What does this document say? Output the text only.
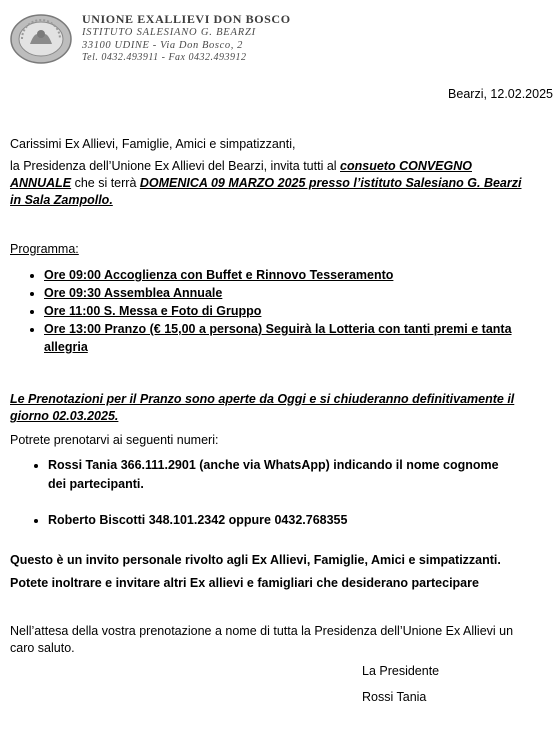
UNIONE EXALLIEVI DON BOSCO
ISTITUTO SALESIANO G. BEARZI
33100 UDINE - Via Don Bosco, 2
Tel. 0432.493911 - Fax 0432.493912
Bearzi, 12.02.2025
Carissimi Ex Allievi, Famiglie, Amici e simpatizzanti,
la Presidenza dell’Unione Ex Allievi del Bearzi, invita tutti al consueto CONVEGNO ANNUALE che si terrà DOMENICA 09 MARZO 2025 presso l’istituto Salesiano G. Bearzi in Sala Zampollo.
Programma:
• Ore 09:00 Accoglienza con Buffet e Rinnovo Tesseramento
• Ore 09:30 Assemblea Annuale
• Ore 11:00 S. Messa e Foto di Gruppo
• Ore 13:00 Pranzo (€ 15,00 a persona) Seguirà la Lotteria con tanti premi e tanta allegria
Le Prenotazioni per il Pranzo sono aperte da Oggi e si chiuderanno definitivamente il giorno 02.03.2025.
Potrete prenotarvi ai seguenti numeri:
• Rossi Tania 366.111.2901 (anche via WhatsApp) indicando il nome cognome dei partecipanti.
• Roberto Biscotti 348.101.2342 oppure 0432.768355
Questo è un invito personale rivolto agli Ex Allievi, Famiglie, Amici e simpatizzanti.
Potete inoltrare e invitare altri Ex allievi e famigliari che desiderano partecipare
Nell’attesa della vostra prenotazione a nome di tutta la Presidenza dell’Unione Ex Allievi un caro saluto.
La Presidente
Rossi Tania
